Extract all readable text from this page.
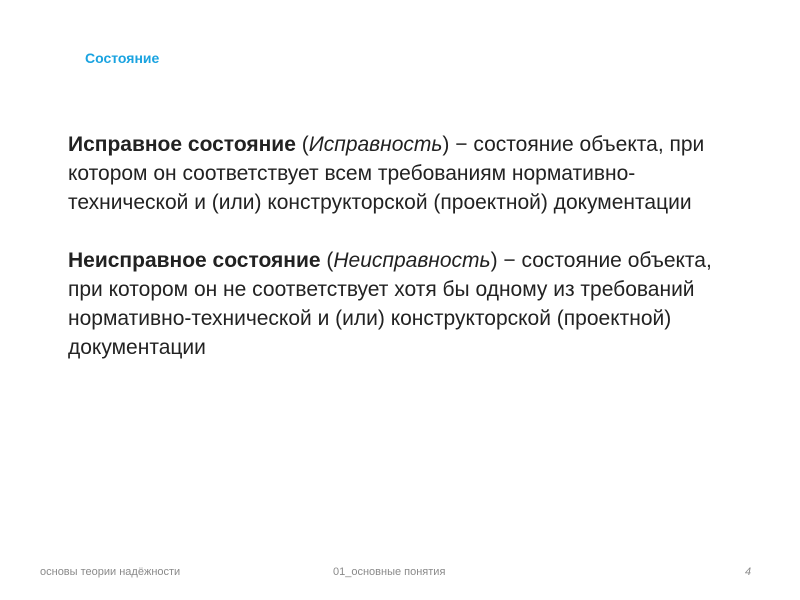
Состояние

Исправное состояние (Исправность) − состояние объекта, при котором он соответствует всем требованиям нормативно-технической и (или) конструкторской (проектной) документации

Неисправное состояние (Неисправность) − состояние объекта, при котором он не соответствует хотя бы одному из требований нормативно-технической и (или) конструкторской (проектной) документации

основы теории надёжности	01_основные понятия	4
